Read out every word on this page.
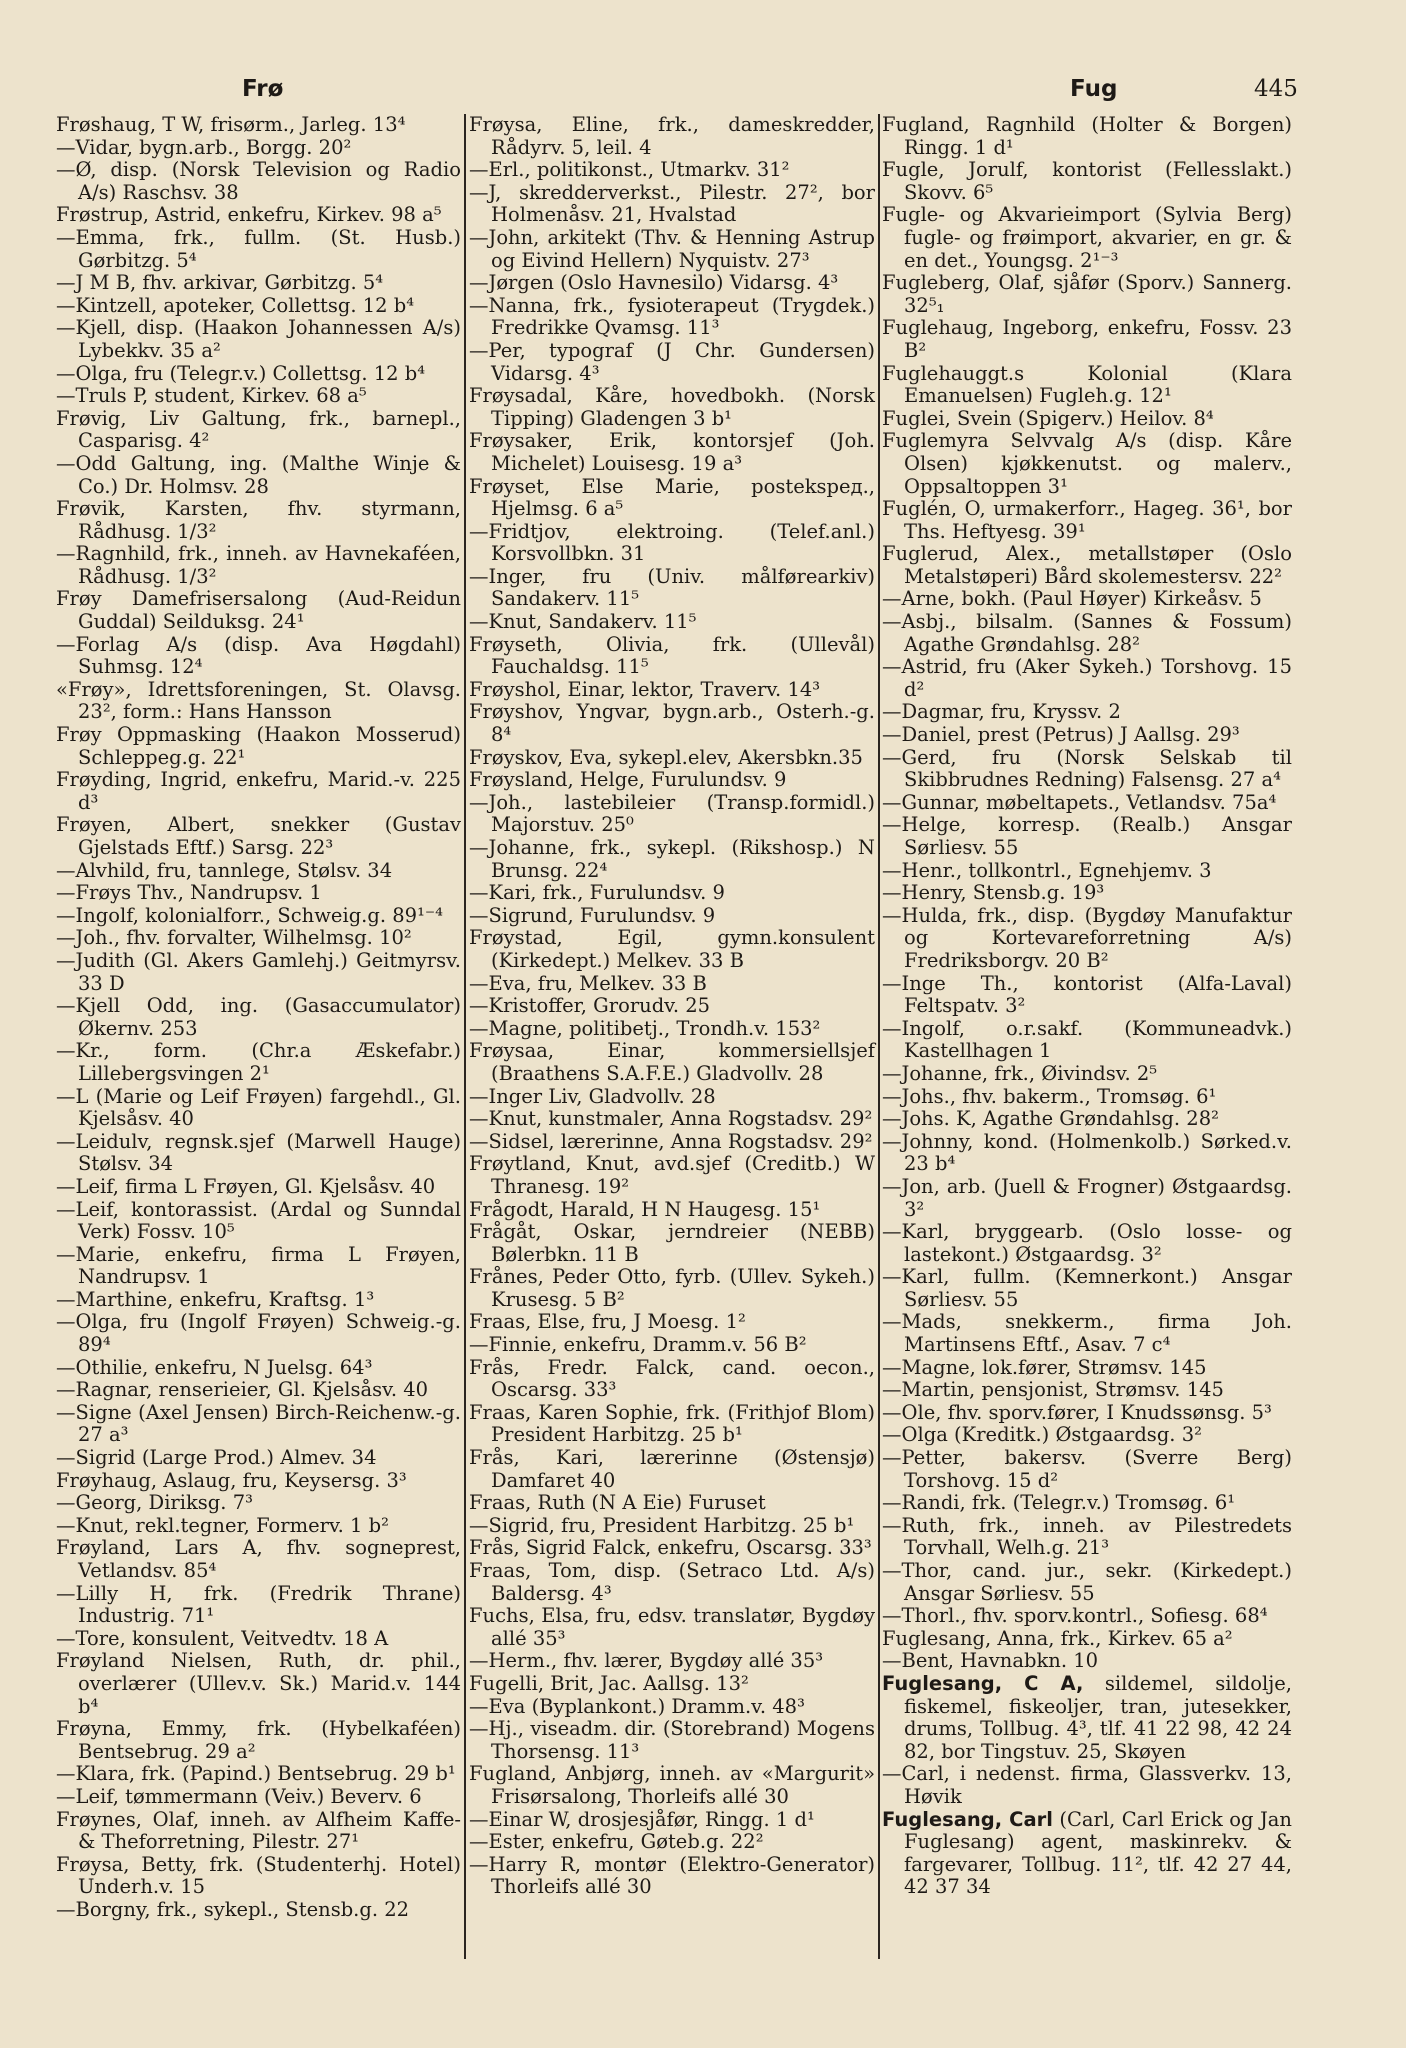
Frø	Fug	445
Frøshaug, T W, frisørm., Jarleg. 13⁴
—Vidar, bygn.arb., Borgg. 20²
—Ø, disp. (Norsk Television og Radio A/s) Raschsv. 38
Frøstrup, Astrid, enkefru, Kirkev. 98 a⁵
—Emma, frk., fullm. (St. Husb.) Gørbitzg. 5⁴
—J M B, fhv. arkivar, Gørbitzg. 5⁴
—Kintzell, apoteker, Collettsg. 12 b⁴
—Kjell, disp. (Haakon Johannessen A/s) Lybekkv. 35 a²
—Olga, fru (Telegr.v.) Collettsg. 12 b⁴
—Truls P, student, Kirkev. 68 a⁵
Frøvig, Liv Galtung, frk., barnepl., Casparisg. 4²
—Odd Galtung, ing. (Malthe Winje & Co.) Dr. Holmsv. 28
Frøvik, Karsten, fhv. styrmann, Rådhusg. 1/3²
—Ragnhild, frk., inneh. av Havnekaféen, Rådhusg. 1/3²
Frøy Damefrisersalong (Aud-Reidun Guddal) Seilduksg. 24¹
—Forlag A/s (disp. Ava Høgdahl) Suhmsg. 12⁴
«Frøy», Idrettsforeningen, St. Olavsg. 23², form.: Hans Hansson
Frøy Oppmasking (Haakon Mosserud) Schleppeg.g. 22¹
Frøyding, Ingrid, enkefru, Marid.-v. 225 d³
Frøyen, Albert, snekker (Gustav Gjelstads Eftf.) Sarsg. 22³
—Alvhild, fru, tannlege, Stølsv. 34
—Frøys Thv., Nandrupsv. 1
—Ingolf, kolonialforr., Schweig.g. 89¹⁻⁴
—Joh., fhv. forvalter, Wilhelmsg. 10²
—Judith (Gl. Akers Gamlehj.) Geitmyrsv. 33 D
—Kjell Odd, ing. (Gasaccumulator) Økernv. 253
—Kr., form. (Chr.a Æskefabr.) Lillebergsvingen 2¹
—L (Marie og Leif Frøyen) fargehdl., Gl. Kjelsåsv. 40
—Leidulv, regnsk.sjef (Marwell Hauge) Stølsv. 34
—Leif, firma L Frøyen, Gl. Kjelsåsv. 40
—Leif, kontorassist. (Ardal og Sunndal Verk) Fossv. 10⁵
—Marie, enkefru, firma L Frøyen, Nandrupsv. 1
—Marthine, enkefru, Kraftsg. 1³
—Olga, fru (Ingolf Frøyen) Schweig.-g. 89⁴
—Othilie, enkefru, N Juelsg. 64³
—Ragnar, renserieier, Gl. Kjelsåsv. 40
—Signe (Axel Jensen) Birch-Reichenw.-g. 27 a³
—Sigrid (Large Prod.) Almev. 34
Frøyhaug, Aslaug, fru, Keysersg. 3³
—Georg, Diriksg. 7³
—Knut, rekl.tegner, Formerv. 1 b²
Frøyland, Lars A, fhv. sogneprest, Vetlandsv. 85⁴
—Lilly H, frk. (Fredrik Thrane) Industrig. 71¹
—Tore, konsulent, Veitvedtv. 18 A
Frøyland Nielsen, Ruth, dr. phil., overlærer (Ullev.v. Sk.) Marid.v. 144 b⁴
Frøyna, Emmy, frk. (Hybelkaféen) Bentsebrug. 29 a²
—Klara, frk. (Papind.) Bentsebrug. 29 b¹
—Leif, tømmermann (Veiv.) Beverv. 6
Frøynes, Olaf, inneh. av Alfheim Kaffe- & Theforretning, Pilestr. 27¹
Frøysa, Betty, frk. (Studenterhj. Hotel) Underh.v. 15
—Borgny, frk., sykepl., Stensb.g. 22
Frøysa, Eline, frk., dameskredder, Rådyrv. 5, leil. 4
—Erl., politikonst., Utmarkv. 31²
—J, skredderverkst., Pilestr. 27², bor Holmenåsv. 21, Hvalstad
—John, arkitekt (Thv. & Henning Astrup og Eivind Hellern) Nyquistv. 27³
—Jørgen (Oslo Havnesilo) Vidarsg. 4³
—Nanna, frk., fysioterapeut (Trygdek.) Fredrikke Qvamsg. 11³
—Per, typograf (J Chr. Gundersen) Vidarsg. 4³
Frøysadal, Kåre, hovedbokh. (Norsk Tipping) Gladengen 3 b¹
Frøysaker, Erik, kontorsjef (Joh. Michelet) Louisesg. 19 a³
Frøyset, Else Marie, postekspeд., Hjelmsg. 6 a⁵
—Fridtjov, elektroing. (Telef.anl.) Korsvollbkn. 31
—Inger, fru (Univ. målførearkiv) Sandakerv. 11⁵
—Knut, Sandakerv. 11⁵
Frøyseth, Olivia, frk. (Ullevål) Fauchaldsg. 11⁵
Frøyshol, Einar, lektor, Traverv. 14³
Frøyshov, Yngvar, bygn.arb., Osterh.-g. 8⁴
Frøyskov, Eva, sykepl.elev, Akersbkn.35
Frøysland, Helge, Furulundsv. 9
—Joh., lastebileier (Transp.formidl.) Majorstuv. 25⁰
—Johanne, frk., sykepl. (Rikshosp.) N Brunsg. 22⁴
—Kari, frk., Furulundsv. 9
—Sigrund, Furulundsv. 9
Frøystad, Egil, gymn.konsulent (Kirkedept.) Melkev. 33 B
—Eva, fru, Melkev. 33 B
—Kristoffer, Grorudv. 25
—Magne, politibetj., Trondh.v. 153²
Frøysaa, Einar, kommersiellsjef (Braathens S.A.F.E.) Gladvollv. 28
—Inger Liv, Gladvollv. 28
—Knut, kunstmaler, Anna Rogstadsv. 29²
—Sidsel, lærerinne, Anna Rogstadsv. 29²
Frøytland, Knut, avd.sjef (Creditb.) W Thranesg. 19²
Frågodt, Harald, H N Haugesg. 15¹
Frågåt, Oskar, jerndreier (NEBB) Bølerbkn. 11 B
Frånes, Peder Otto, fyrb. (Ullev. Sykeh.) Krusesg. 5 B²
Fraas, Else, fru, J Moesg. 1²
—Finnie, enkefru, Dramm.v. 56 B²
Frås, Fredr. Falck, cand. oecon., Oscarsg. 33³
Fraas, Karen Sophie, frk. (Frithjof Blom) President Harbitzg. 25 b¹
Frås, Kari, lærerinne (Østensjø) Damfaret 40
Fraas, Ruth (N A Eie) Furuset
—Sigrid, fru, President Harbitzg. 25 b¹
Frås, Sigrid Falck, enkefru, Oscarsg. 33³
Fraas, Tom, disp. (Setraco Ltd. A/s) Baldersg. 4³
Fuchs, Elsa, fru, edsv. translatør, Bygdøy allé 35³
—Herm., fhv. lærer, Bygdøy allé 35³
Fugelli, Brit, Jac. Aallsg. 13²
—Eva (Byplankont.) Dramm.v. 48³
—Hj., viseadm. dir. (Storebrand) Mogens Thorsensg. 11³
Fugland, Anbjørg, inneh. av «Margurit» Frisørsalong, Thorleifs allé 30
—Einar W, drosjesjåfør, Ringg. 1 d¹
—Ester, enkefru, Gøteb.g. 22²
—Harry R, montør (Elektro-Generator) Thorleifs allé 30
Fugland, Ragnhild (Holter & Borgen) Ringg. 1 d¹
Fugle, Jorulf, kontorist (Fellesslakt.) Skovv. 6⁵
Fugle- og Akvarieimport (Sylvia Berg) fugle- og frøimport, akvarier, en gr. & en det., Youngsg. 2¹⁻³
Fugleberg, Olaf, sjåfør (Sporv.) Sannerg. 32⁵₁
Fuglehaug, Ingeborg, enkefru, Fossv. 23 B²
Fuglehauggt.s Kolonial (Klara Emanuelsen) Fugleh.g. 12¹
Fuglei, Svein (Spigerv.) Heilov. 8⁴
Fuglemyra Selvvalg A/s (disp. Kåre Olsen) kjøkkenutst. og malerv., Oppsaltoppen 3¹
Fuglén, O, urmakerforr., Hageg. 36¹, bor Ths. Heftyesg. 39¹
Fuglerud, Alex., metallstøper (Oslo Metalstøperi) Bård skolemestersv. 22²
—Arne, bokh. (Paul Høyer) Kirkeåsv. 5
—Asbj., bilsalm. (Sannes & Fossum) Agathe Grøndahlsg. 28²
—Astrid, fru (Aker Sykeh.) Torshovg. 15 d²
—Dagmar, fru, Kryssv. 2
—Daniel, prest (Petrus) J Aallsg. 29³
—Gerd, fru (Norsk Selskab til Skibbrudnes Redning) Falsensg. 27 a⁴
—Gunnar, møbeltapets., Vetlandsv. 75a⁴
—Helge, korresp. (Realb.) Ansgar Sørliesv. 55
—Henr., tollkontrl., Egnehjemv. 3
—Henry, Stensb.g. 19³
—Hulda, frk., disp. (Bygdøy Manufaktur og Kortevareforretning A/s) Fredriksborgv. 20 B²
—Inge Th., kontorist (Alfa-Laval) Feltspatv. 3²
—Ingolf, o.r.sakf. (Kommuneadvk.) Kastellhagen 1
—Johanne, frk., Øivindsv. 2⁵
—Johs., fhv. bakerm., Tromsøg. 6¹
—Johs. K, Agathe Grøndahlsg. 28²
—Johnny, kond. (Holmenkolb.) Sørked.v. 23 b⁴
—Jon, arb. (Juell & Frogner) Østgaardsg. 3²
—Karl, bryggearb. (Oslo losse- og lastekont.) Østgaardsg. 3²
—Karl, fullm. (Kemnerkont.) Ansgar Sørliesv. 55
—Mads, snekkerm., firma Joh. Martinsens Eftf., Asav. 7 c⁴
—Magne, lok.fører, Strømsv. 145
—Martin, pensjonist, Strømsv. 145
—Ole, fhv. sporv.fører, I Knudssønsg. 5³
—Olga (Kreditk.) Østgaardsg. 3²
—Petter, bakersv. (Sverre Berg) Torshovg. 15 d²
—Randi, frk. (Telegr.v.) Tromsøg. 6¹
—Ruth, frk., inneh. av Pilestredets Torvhall, Welh.g. 21³
—Thor, cand. jur., sekr. (Kirkedept.) Ansgar Sørliesv. 55
—Thorl., fhv. sporv.kontrl., Sofiesg. 68⁴
Fuglesang, Anna, frk., Kirkev. 65 a²
—Bent, Havnabkn. 10
Fuglesang, C A, sildemel, sildolje, fiskemel, fiskeoljer, tran, jutesekker, drums, Tollbug. 4³, tlf. 41 22 98, 42 24 82, bor Tingstuv. 25, Skøyen
—Carl, i nedenst. firma, Glassverkv. 13, Høvik
Fuglesang, Carl (Carl, Carl Erick og Jan Fuglesang) agent, maskinrekv. & fargevarer, Tollbug. 11², tlf. 42 27 44, 42 37 34
